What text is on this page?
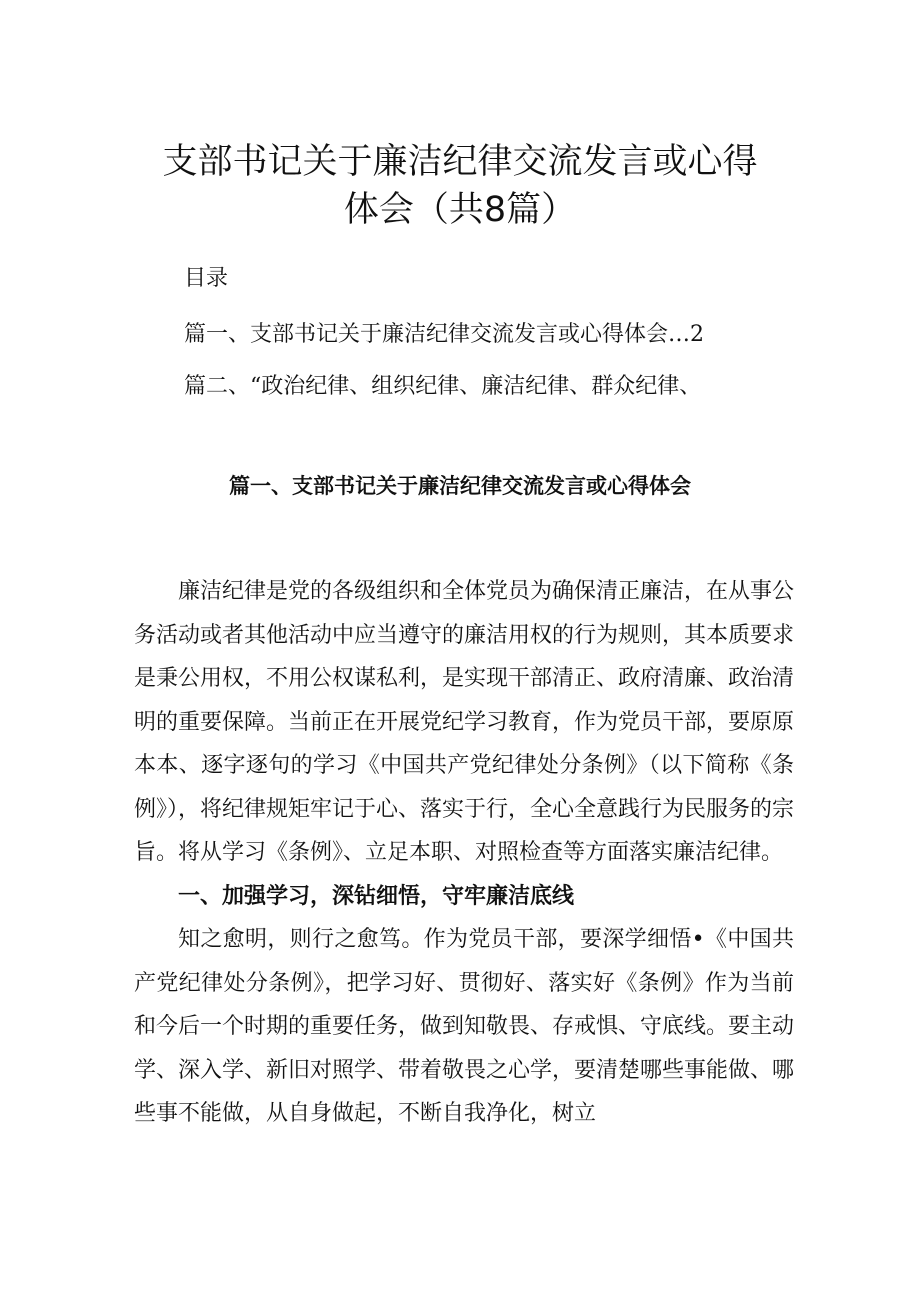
支部书记关于廉洁纪律交流发言或心得体会（共8篇）
目录
篇一、支部书记关于廉洁纪律交流发言或心得体会…2
篇二、“政治纪律、组织纪律、廉洁纪律、群众纪律、
篇一、支部书记关于廉洁纪律交流发言或心得体会

廉洁纪律是党的各级组织和全体党员为确保清正廉洁，在从事公务活动或者其他活动中应当遵守的廉洁用权的行为规则，其本质要求是秉公用权，不用公权谋私利，是实现干部清正、政府清廉、政治清明的重要保障。当前正在开展党纪学习教育，作为党员干部，要原原本本、逐字逐句的学习《中国共产党纪律处分条例》（以下简称《条例》），将纪律规矩牢记于心、落实于行，全心全意践行为民服务的宗旨。将从学习《条例》、立足本职、对照检查等方面落实廉洁纪律。

一、加强学习，深钻细悟，守牢廉洁底线

知之愈明，则行之愈笃。作为党员干部，要深学细悟•《中国共产党纪律处分条例》，把学习好、贯彻好、落实好《条例》作为当前和今后一个时期的重要任务，做到知敬畏、存戒惧、守底线。要主动学、深入学、新旧对照学、带着敬畏之心学，要清楚哪些事能做、哪些事不能做，从自身做起，不断自我净化，树立
